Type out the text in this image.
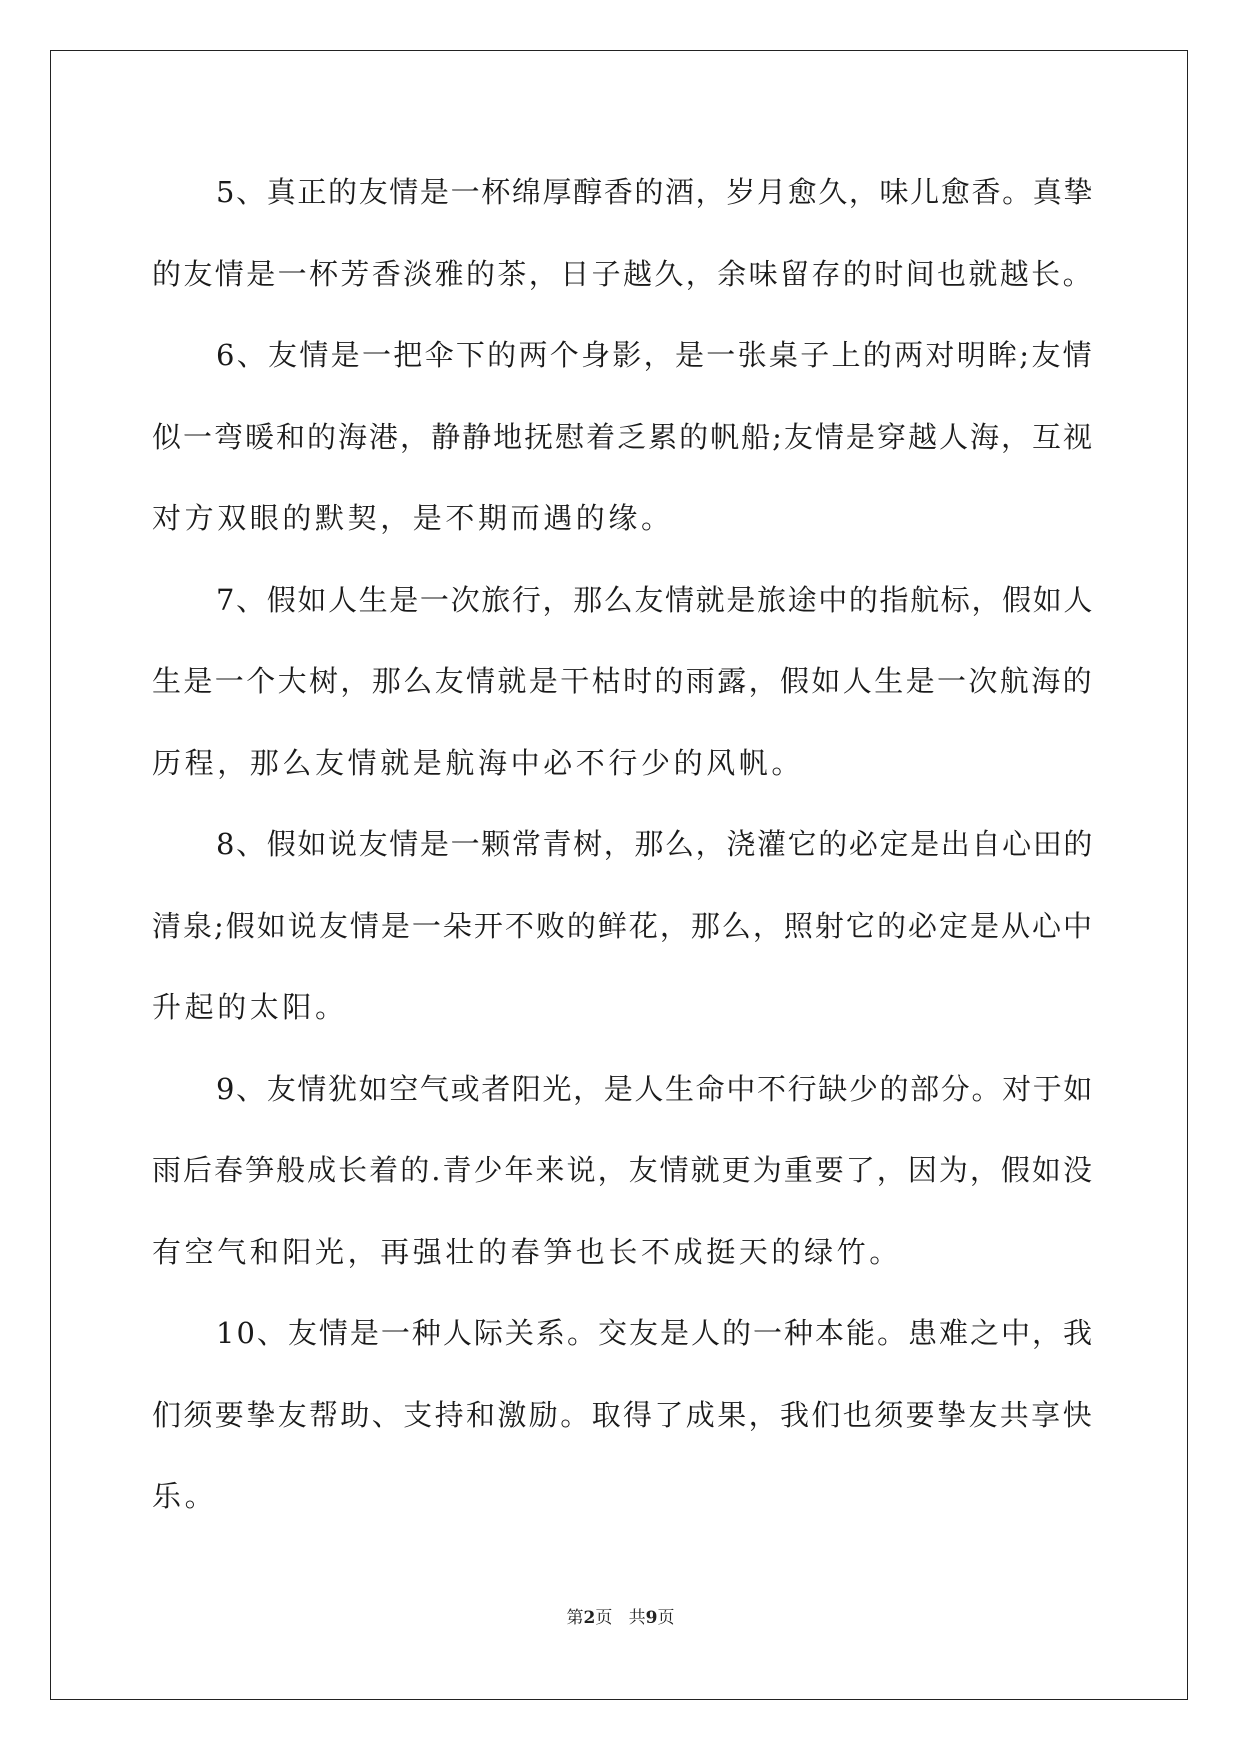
5、真正的友情是一杯绵厚醇香的酒，岁月愈久，味儿愈香。真挚
的友情是一杯芳香淡雅的茶，日子越久，余味留存的时间也就越长。

6、友情是一把伞下的两个身影，是一张桌子上的两对明眸;友情
似一弯暖和的海港，静静地抚慰着乏累的帆船;友情是穿越人海，互视
对方双眼的默契，是不期而遇的缘。

7、假如人生是一次旅行，那么友情就是旅途中的指航标，假如人
生是一个大树，那么友情就是干枯时的雨露，假如人生是一次航海的
历程，那么友情就是航海中必不行少的风帆。

8、假如说友情是一颗常青树，那么，浇灌它的必定是出自心田的
清泉;假如说友情是一朵开不败的鲜花，那么，照射它的必定是从心中
升起的太阳。

9、友情犹如空气或者阳光，是人生命中不行缺少的部分。对于如
雨后春笋般成长着的.青少年来说，友情就更为重要了，因为，假如没
有空气和阳光，再强壮的春笋也长不成挺天的绿竹。

10、友情是一种人际关系。交友是人的一种本能。患难之中，我
们须要挚友帮助、支持和激励。取得了成果，我们也须要挚友共享快
乐。

第2页 共9页
